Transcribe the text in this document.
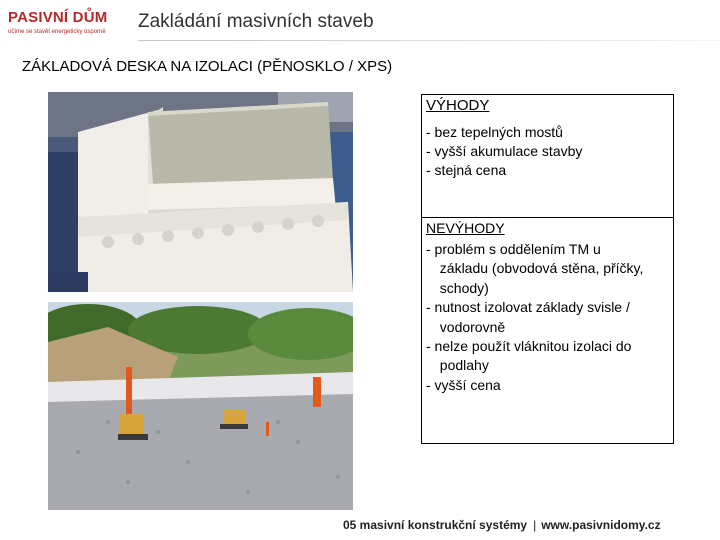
PASIVNÍ DŮM
učíme se stavět energeticky úsporně	Zakládání masivních staveb
ZÁKLADOVÁ DESKA NA IZOLACI (PĚNOSKLO / XPS)
VÝHODY
- bez tepelných mostů
- vyšší akumulace stavby
- stejná cena
NEVÝHODY
- problém s oddělením TM u
základu (obvodová stěna, příčky,
schody)
- nutnost izolovat základy svisle /
vodorovně
- nelze použít vláknitou izolaci do
podlahy
- vyšší cena
05 masivní konstrukční systémy | www.pasivnidomy.cz
